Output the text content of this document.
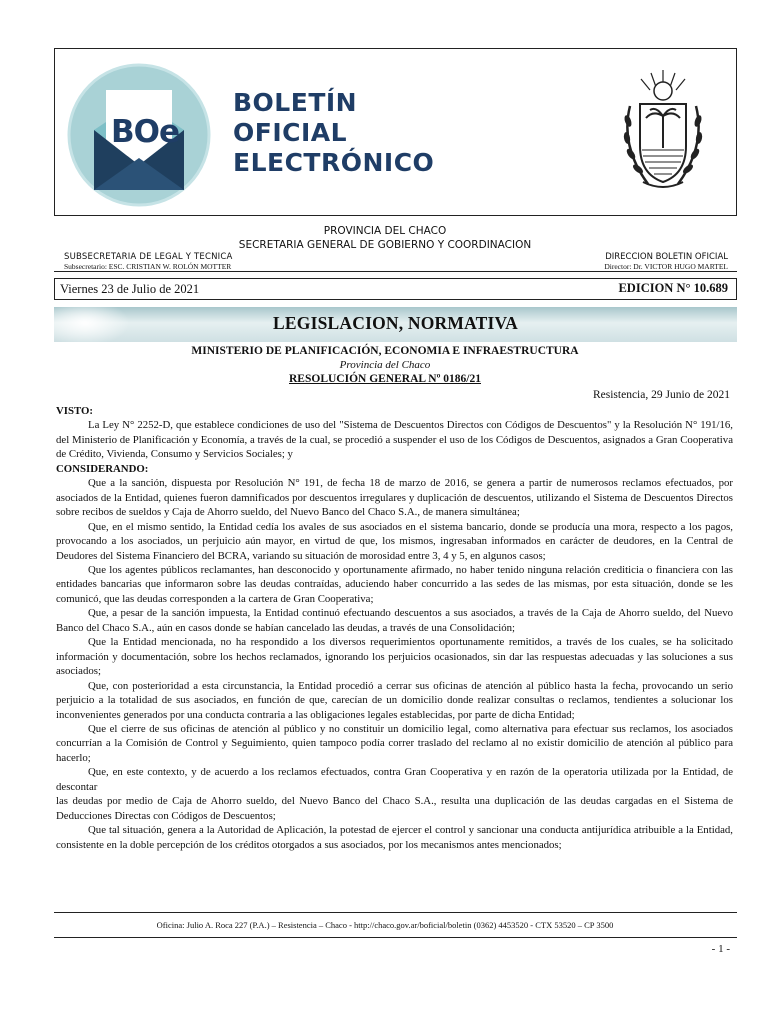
BOe
BOLETÍN
OFICIAL
ELECTRÓNICO
PROVINCIA DEL CHACO
SECRETARIA GENERAL DE GOBIERNO Y COORDINACION
SUBSECRETARIA DE LEGAL Y TECNICA
Subsecretario: ESC. CRISTIAN W. ROLÓN MOTTER
DIRECCION BOLETIN OFICIAL
Director: Dr. VICTOR HUGO MARTEL
Viernes 23 de Julio de 2021	EDICION N° 10.689
LEGISLACION, NORMATIVA
MINISTERIO DE PLANIFICACIÓN, ECONOMIA E INFRAESTRUCTURA
Provincia del Chaco
RESOLUCIÓN GENERAL Nº 0186/21
Resistencia, 29 Junio de 2021

VISTO:

La Ley N° 2252-D, que establece condiciones de uso del "Sistema de Descuentos Directos con Códigos de Descuentos" y la Resolución N° 191/16, del Ministerio de Planificación y Economía, a través de la cual, se procedió a suspender el uso de los Códigos de Descuentos, asignados a Gran Cooperativa de Crédito, Vivienda, Consumo y Servicios Sociales; y

CONSIDERANDO:

Que a la sanción, dispuesta por Resolución N° 191, de fecha 18 de marzo de 2016, se genera a partir de numerosos reclamos efectuados, por asociados de la Entidad, quienes fueron damnificados por descuentos irregulares y duplicación de descuentos, utilizando el Sistema de Descuentos Directos sobre recibos de sueldos y Caja de Ahorro sueldo, del Nuevo Banco del Chaco S.A., de manera simultánea;

Que, en el mismo sentido, la Entidad cedía los avales de sus asociados en el sistema bancario, donde se producía una mora, respecto a los pagos, provocando a los asociados, un perjuicio aún mayor, en virtud de que, los mismos, ingresaban informados en carácter de deudores, en la Central de Deudores del Sistema Financiero del BCRA, variando su situación de morosidad entre 3, 4 y 5, en algunos casos;

Que los agentes públicos reclamantes, han desconocido y oportunamente afirmado, no haber tenido ninguna relación crediticia o financiera con las entidades bancarias que informaron sobre las deudas contraídas, aduciendo haber concurrido a las sedes de las mismas, por esta situación, donde se les comunicó, que las deudas corresponden a la cartera de Gran Cooperativa;

Que, a pesar de la sanción impuesta, la Entidad continuó efectuando descuentos a sus asociados, a través de la Caja de Ahorro sueldo, del Nuevo Banco del Chaco S.A., aún en casos donde se habían cancelado las deudas, a través de una Consolidación;

Que la Entidad mencionada, no ha respondido a los diversos requerimientos oportunamente remitidos, a través de los cuales, se ha solicitado información y documentación, sobre los hechos reclamados, ignorando los perjuicios ocasionados, sin dar las respuestas adecuadas y las soluciones a sus asociados;

Que, con posterioridad a esta circunstancia, la Entidad procedió a cerrar sus oficinas de atención al público hasta la fecha, provocando un serio perjuicio a la totalidad de sus asociados, en función de que, carecían de un domicilio donde realizar consultas o reclamos, tendientes a solucionar los inconvenientes generados por una conducta contraria a las obligaciones legales establecidas, por parte de dicha Entidad;

Que el cierre de sus oficinas de atención al público y no constituir un domicilio legal, como alternativa para efectuar sus reclamos, los asociados concurrían a la Comisión de Control y Seguimiento, quien tampoco podía correr traslado del reclamo al no existir domicilio de atención al público para hacerlo;

Que, en este contexto, y de acuerdo a los reclamos efectuados, contra Gran Cooperativa y en razón de la operatoria utilizada por la Entidad, de descontar

las deudas por medio de Caja de Ahorro sueldo, del Nuevo Banco del Chaco S.A., resulta una duplicación de las deudas cargadas en el Sistema de Deducciones Directas con Códigos de Descuentos;

Que tal situación, genera a la Autoridad de Aplicación, la potestad de ejercer el control y sancionar una conducta antijurídica atribuible a la Entidad, consistente en la doble percepción de los créditos otorgados a sus asociados, por los mecanismos antes mencionados;

Oficina: Julio A. Roca 227 (P.A.) – Resistencia – Chaco - http://chaco.gov.ar/boficial/boletin (0362) 4453520 - CTX 53520 – CP 3500
- 1 -
